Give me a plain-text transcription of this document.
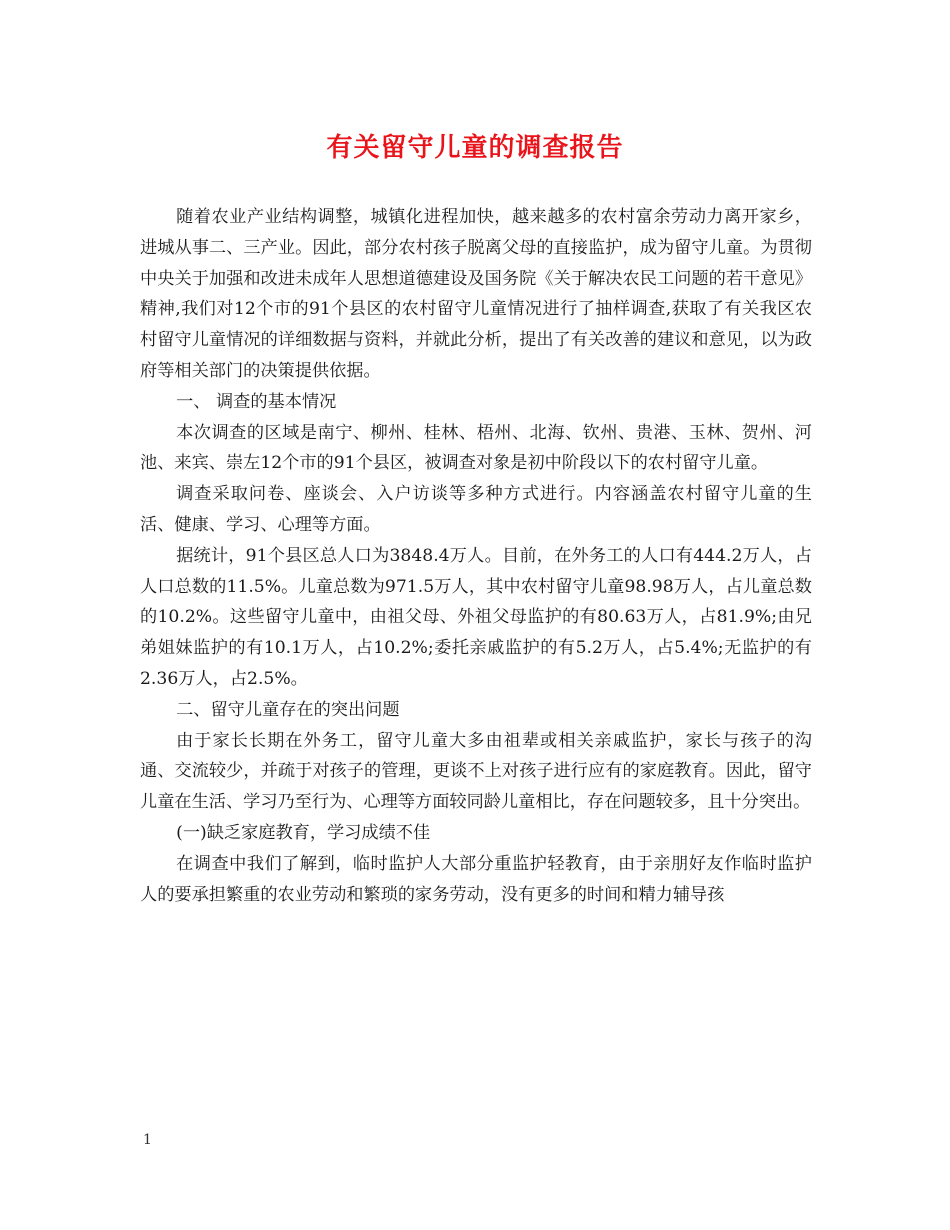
有关留守儿童的调查报告

随着农业产业结构调整，城镇化进程加快，越来越多的农村富余劳动力离开家乡，进城从事二、三产业。因此，部分农村孩子脱离父母的直接监护，成为留守儿童。为贯彻中央关于加强和改进未成年人思想道德建设及国务院《关于解决农民工问题的若干意见》精神,我们对12个市的91个县区的农村留守儿童情况进行了抽样调查,获取了有关我区农村留守儿童情况的详细数据与资料，并就此分析，提出了有关改善的建议和意见，以为政府等相关部门的决策提供依据。

一、 调查的基本情况

本次调查的区域是南宁、柳州、桂林、梧州、北海、钦州、贵港、玉林、贺州、河池、来宾、崇左12个市的91个县区，被调查对象是初中阶段以下的农村留守儿童。

调查采取问卷、座谈会、入户访谈等多种方式进行。内容涵盖农村留守儿童的生活、健康、学习、心理等方面。

据统计，91个县区总人口为3848.4万人。目前，在外务工的人口有444.2万人，占人口总数的11.5%。儿童总数为971.5万人，其中农村留守儿童98.98万人，占儿童总数的10.2%。这些留守儿童中，由祖父母、外祖父母监护的有80.63万人，占81.9%;由兄弟姐妹监护的有10.1万人，占10.2%;委托亲戚监护的有5.2万人，占5.4%;无监护的有2.36万人，占2.5%。

二、留守儿童存在的突出问题

由于家长长期在外务工，留守儿童大多由祖辈或相关亲戚监护，家长与孩子的沟通、交流较少，并疏于对孩子的管理，更谈不上对孩子进行应有的家庭教育。因此，留守儿童在生活、学习乃至行为、心理等方面较同龄儿童相比，存在问题较多，且十分突出。

(一)缺乏家庭教育，学习成绩不佳

在调查中我们了解到，临时监护人大部分重监护轻教育，由于亲朋好友作临时监护人的要承担繁重的农业劳动和繁琐的家务劳动，没有更多的时间和精力辅导孩

1
